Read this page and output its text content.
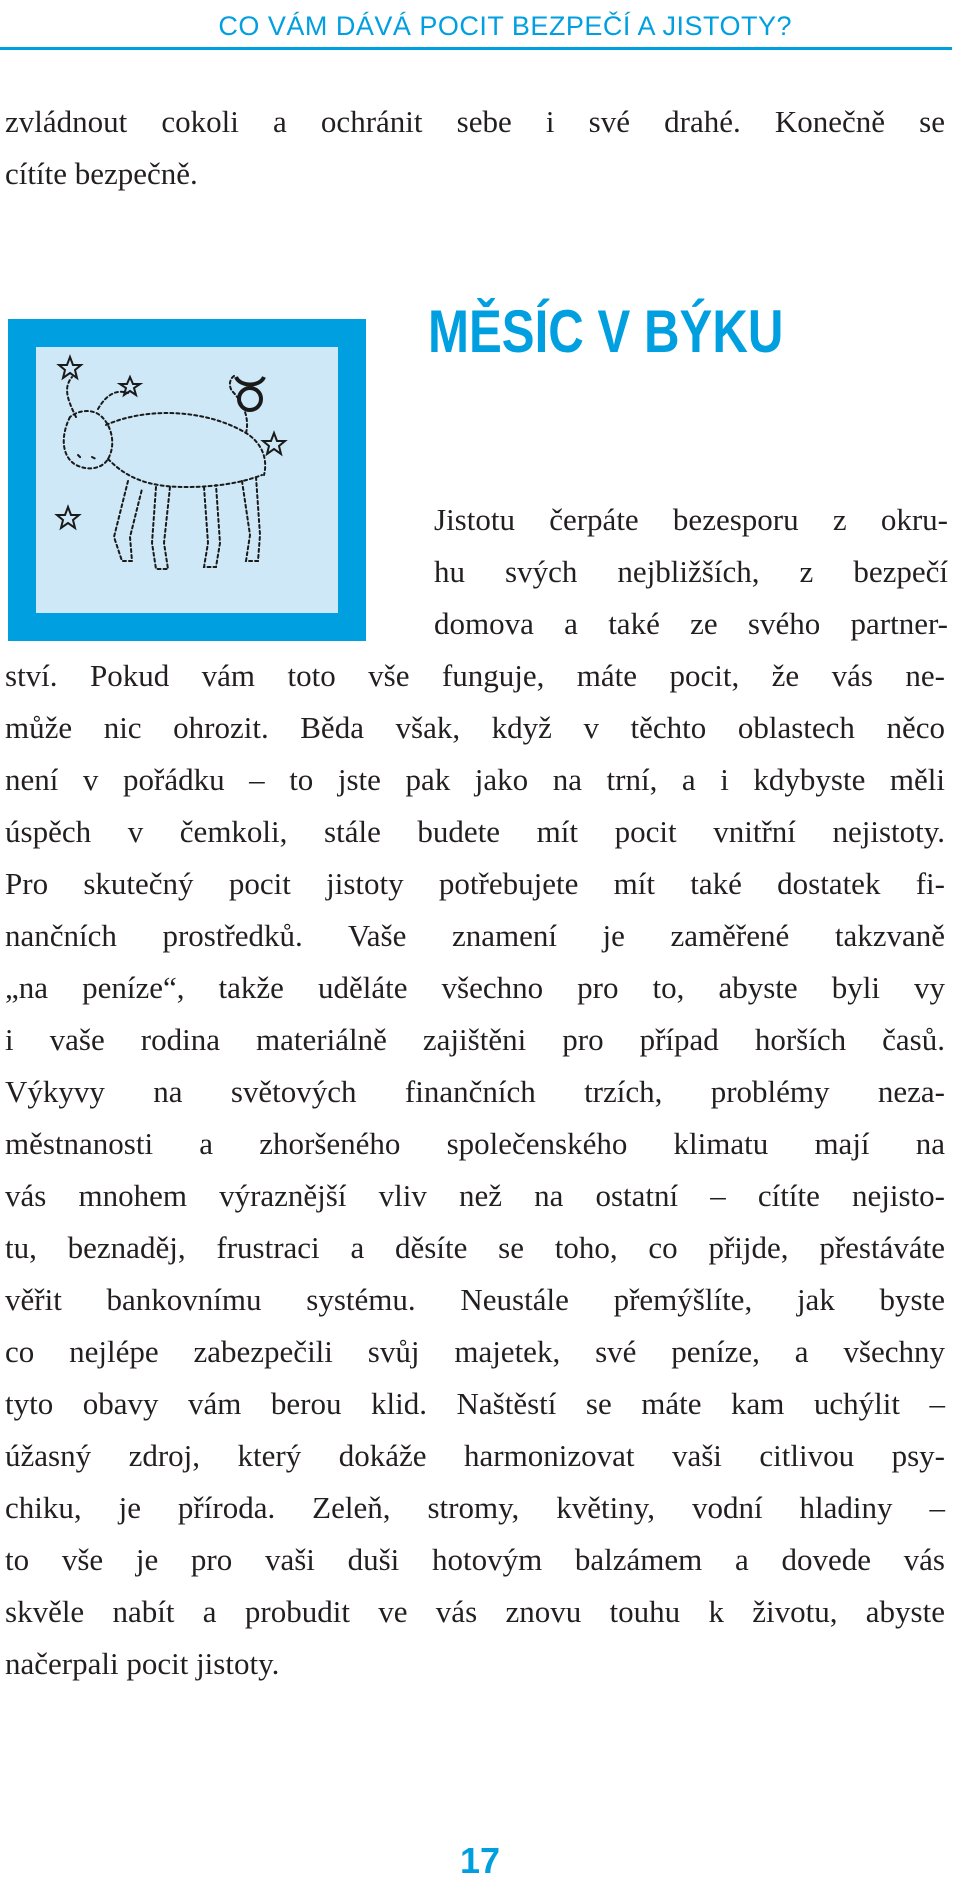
CO VÁM DÁVÁ POCIT BEZPEČÍ A JISTOTY?

zvládnout cokoli a ochránit sebe i své drahé. Konečně se

cítíte bezpečně.

MĚSÍC V BÝKU

Jistotu čerpáte bezesporu z okru-

hu svých nejbližších, z bezpečí

domova a také ze svého partner-

ství. Pokud vám toto vše funguje, máte pocit, že vás ne-

může nic ohrozit. Běda však, když v těchto oblastech něco

není v pořádku – to jste pak jako na trní, a i kdybyste měli

úspěch v čemkoli, stále budete mít pocit vnitřní nejistoty.

Pro skutečný pocit jistoty potřebujete mít také dostatek fi-

nančních prostředků. Vaše znamení je zaměřené takzvaně

„na peníze“, takže uděláte všechno pro to, abyste byli vy

i vaše rodina materiálně zajištěni pro případ horších časů.

Výkyvy na světových finančních trzích, problémy neza-

městnanosti a zhoršeného společenského klimatu mají na

vás mnohem výraznější vliv než na ostatní – cítíte nejisto-

tu, beznaděj, frustraci a děsíte se toho, co přijde, přestáváte

věřit bankovnímu systému. Neustále přemýšlíte, jak byste

co nejlépe zabezpečili svůj majetek, své peníze, a všechny

tyto obavy vám berou klid. Naštěstí se máte kam uchýlit –

úžasný zdroj, který dokáže harmonizovat vaši citlivou psy-

chiku, je příroda. Zeleň, stromy, květiny, vodní hladiny –

to vše je pro vaši duši hotovým balzámem a dovede vás

skvěle nabít a probudit ve vás znovu touhu k životu, abyste

načerpali pocit jistoty.

17
